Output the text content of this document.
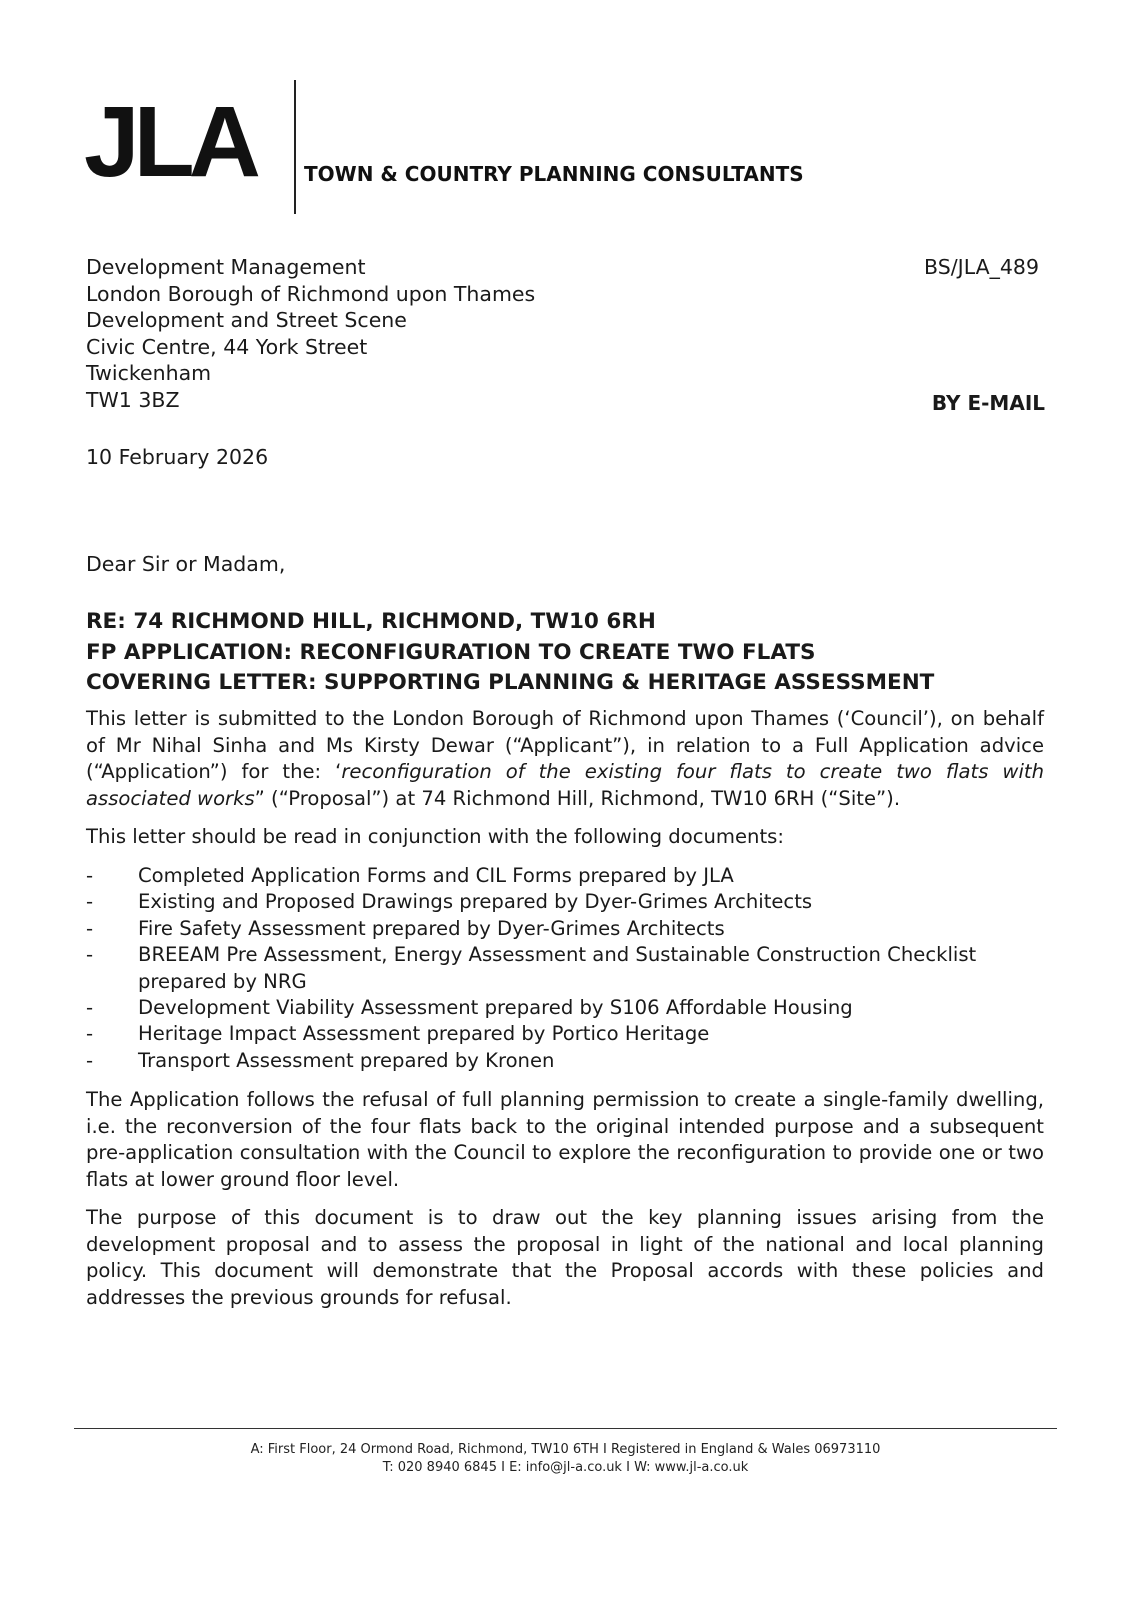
JLA TOWN & COUNTRY PLANNING CONSULTANTS
Development Management
London Borough of Richmond upon Thames
Development and Street Scene
Civic Centre, 44 York Street
Twickenham
TW1 3BZ
BS/JLA_489
BY E-MAIL
10 February 2026
Dear Sir or Madam,
RE: 74 RICHMOND HILL, RICHMOND, TW10 6RH
FP APPLICATION: RECONFIGURATION TO CREATE TWO FLATS
COVERING LETTER: SUPPORTING PLANNING & HERITAGE ASSESSMENT

This letter is submitted to the London Borough of Richmond upon Thames (‘Council’), on behalf of Mr Nihal Sinha and Ms Kirsty Dewar (“Applicant”), in relation to a Full Application advice (“Application”) for the: ‘reconfiguration of the existing four flats to create two flats with associated works” (“Proposal”) at 74 Richmond Hill, Richmond, TW10 6RH (“Site”).

This letter should be read in conjunction with the following documents:

-	Completed Application Forms and CIL Forms prepared by JLA
-	Existing and Proposed Drawings prepared by Dyer-Grimes Architects
-	Fire Safety Assessment prepared by Dyer-Grimes Architects
-	BREEAM Pre Assessment, Energy Assessment and Sustainable Construction Checklist prepared by NRG
-	Development Viability Assessment prepared by S106 Affordable Housing
-	Heritage Impact Assessment prepared by Portico Heritage
-	Transport Assessment prepared by Kronen

The Application follows the refusal of full planning permission to create a single-family dwelling, i.e. the reconversion of the four flats back to the original intended purpose and a subsequent pre-application consultation with the Council to explore the reconfiguration to provide one or two flats at lower ground floor level.

The purpose of this document is to draw out the key planning issues arising from the development proposal and to assess the proposal in light of the national and local planning policy. This document will demonstrate that the Proposal accords with these policies and addresses the previous grounds for refusal.

A: First Floor, 24 Ormond Road, Richmond, TW10 6TH I Registered in England & Wales 06973110
T: 020 8940 6845 I E: info@jl-a.co.uk I W: www.jl-a.co.uk
